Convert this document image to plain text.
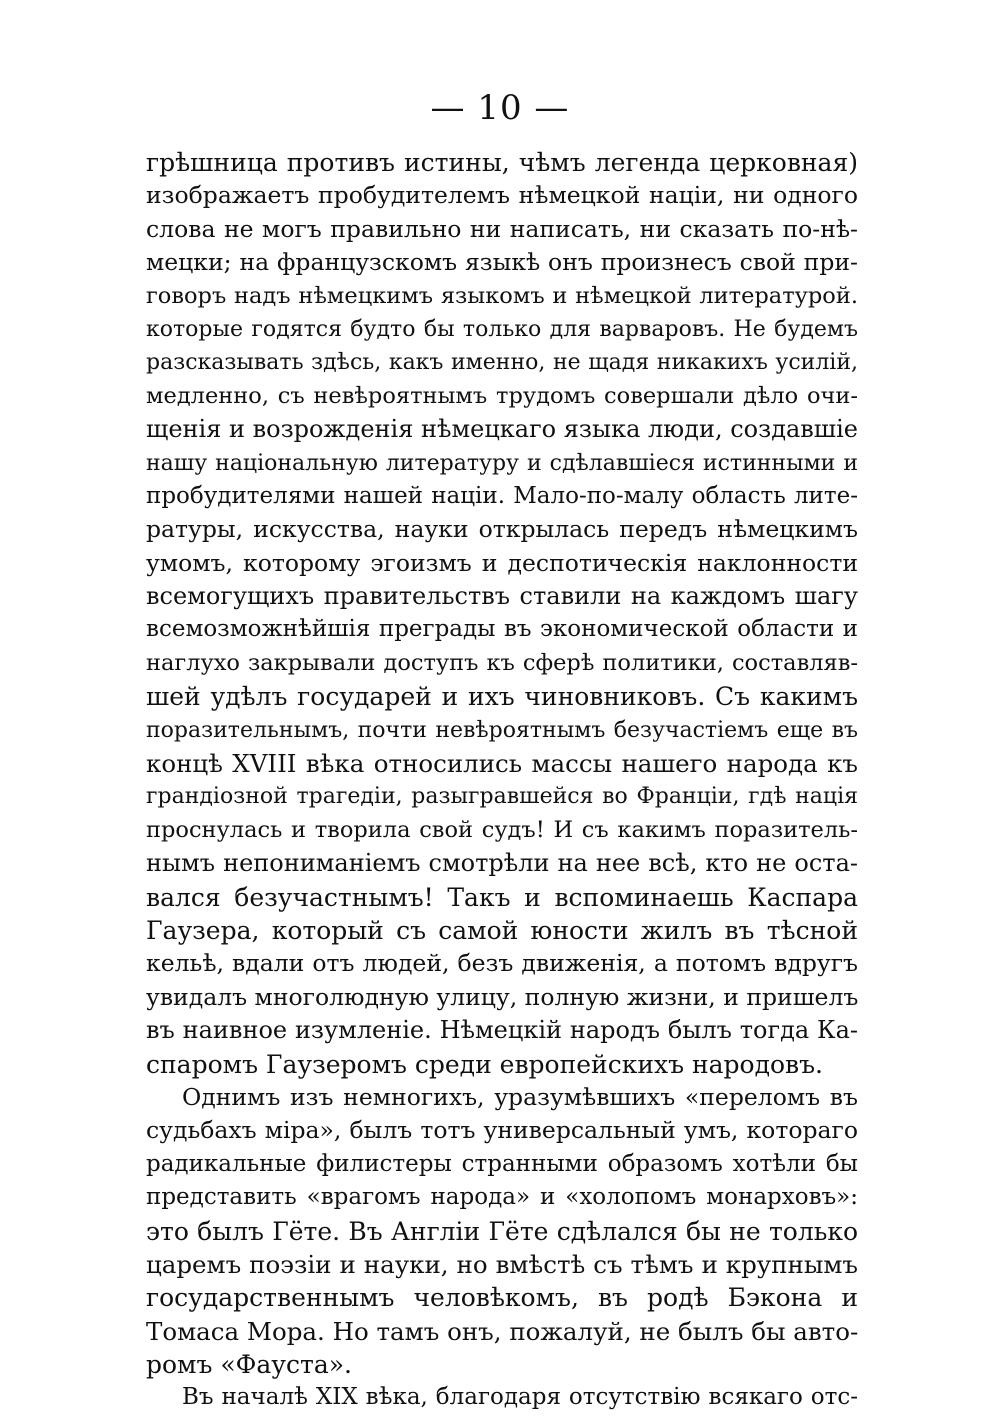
— 10 —
грѣшница противъ истины, чѣмъ легенда церковная)
изображаетъ пробудителемъ нѣмецкой націи, ни одного
слова не могъ правильно ни написать, ни сказать по-нѣ-
мецки; на французскомъ языкѣ онъ произнесъ свой при-
говоръ надъ нѣмецкимъ языкомъ и нѣмецкой литературой.
которые годятся будто бы только для варваровъ. Не будемъ
разсказывать здѣсь, какъ именно, не щадя никакихъ усилій,
медленно, съ невѣроятнымъ трудомъ совершали дѣло очи-
щенія и возрожденія нѣмецкаго языка люди, создавшіе
нашу національную литературу и сдѣлавшіеся истинными и
пробудителями нашей націи. Мало-по-малу область лите-
ратуры, искусства, науки открылась передъ нѣмецкимъ
умомъ, которому эгоизмъ и деспотическія наклонности
всемогущихъ правительствъ ставили на каждомъ шагу
всемозможнѣйшія преграды въ экономической области и
наглухо закрывали доступъ къ сферѣ политики, составляв-
шей удѣлъ государей и ихъ чиновниковъ. Съ какимъ
поразительнымъ, почти невѣроятнымъ безучастіемъ еще въ
концѣ XVIII вѣка относились массы нашего народа къ
грандіозной трагедіи, разыгравшейся во Франціи, гдѣ нація
проснулась и творила свой судъ! И съ какимъ поразитель-
нымъ непониманіемъ смотрѣли на нее всѣ, кто не оста-
вался безучастнымъ! Такъ и вспоминаешь Каспара
Гаузера, который съ самой юности жилъ въ тѣсной
кельѣ, вдали отъ людей, безъ движенія, а потомъ вдругъ
увидалъ многолюдную улицу, полную жизни, и пришелъ
въ наивное изумленіе. Нѣмецкій народъ былъ тогда Ка-
спаромъ Гаузеромъ среди европейскихъ народовъ.
Однимъ изъ немногихъ, уразумѣвшихъ «переломъ въ
судьбахъ міра», былъ тотъ универсальный умъ, котораго
радикальные филистеры странными образомъ хотѣли бы
представить «врагомъ народа» и «холопомъ монарховъ»:
это былъ Гёте. Въ Англіи Гёте сдѣлался бы не только
царемъ поэзіи и науки, но вмѣстѣ съ тѣмъ и крупнымъ
государственнымъ человѣкомъ, въ родѣ Бэкона и
Томаса Мора. Но тамъ онъ, пожалуй, не былъ бы авто-
ромъ «Фауста».
Въ началѣ XIX вѣка, благодаря отсутствію всякаго отс-
